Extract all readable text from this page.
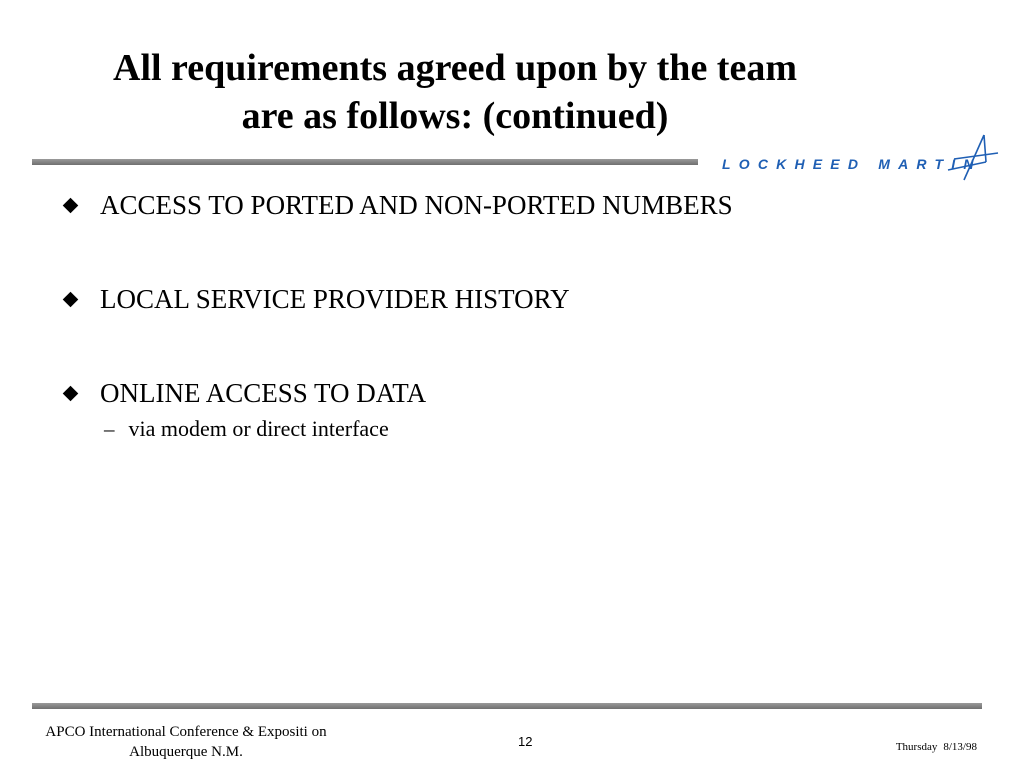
All requirements agreed upon by the team
are as follows: (continued)
LOCKHEED MARTIN
ACCESS TO PORTED AND NON-PORTED NUMBERS
LOCAL SERVICE PROVIDER HISTORY
ONLINE ACCESS TO DATA
– via modem or direct interface
APCO International Conference & Expositi on
Albuquerque N.M.
12	Thursday 8/13/98
